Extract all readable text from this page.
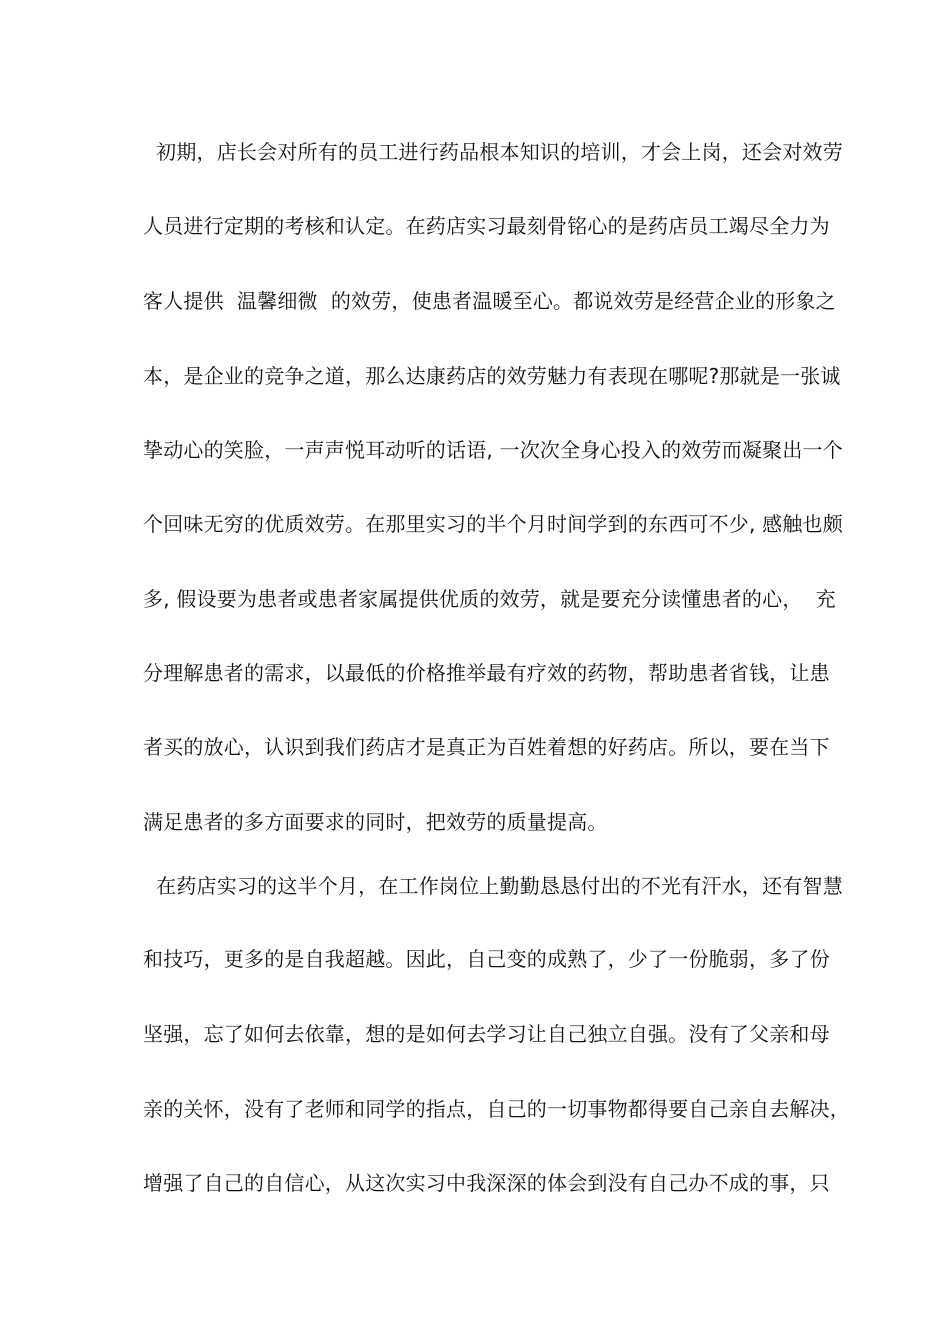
初期，店长会对所有的员工进行药品根本知识的培训，才会上岗，还会对效劳
人员进行定期的考核和认定。在药店实习最刻骨铭心的是药店员工竭尽全力为
客人提供  温馨细微  的效劳，使患者温暖至心。都说效劳是经营企业的形象之
本，是企业的竞争之道，那么达康药店的效劳魅力有表现在哪呢?那就是一张诚
挚动心的笑脸，一声声悦耳动听的话语, 一次次全身心投入的效劳而凝聚出一个
个回味无穷的优质效劳。在那里实习的半个月时间学到的东西可不少, 感触也颇
多, 假设要为患者或患者家属提供优质的效劳，就是要充分读懂患者的心，  充
分理解患者的需求，以最低的价格推举最有疗效的药物，帮助患者省钱，让患
者买的放心，认识到我们药店才是真正为百姓着想的好药店。所以，要在当下
满足患者的多方面要求的同时，把效劳的质量提高。
在药店实习的这半个月，在工作岗位上勤勤恳恳付出的不光有汗水，还有智慧
和技巧，更多的是自我超越。因此，自己变的成熟了，少了一份脆弱，多了份
坚强，忘了如何去依靠，想的是如何去学习让自己独立自强。没有了父亲和母
亲的关怀，没有了老师和同学的指点，自己的一切事物都得要自己亲自去解决，
增强了自己的自信心，从这次实习中我深深的体会到没有自己办不成的事，只
